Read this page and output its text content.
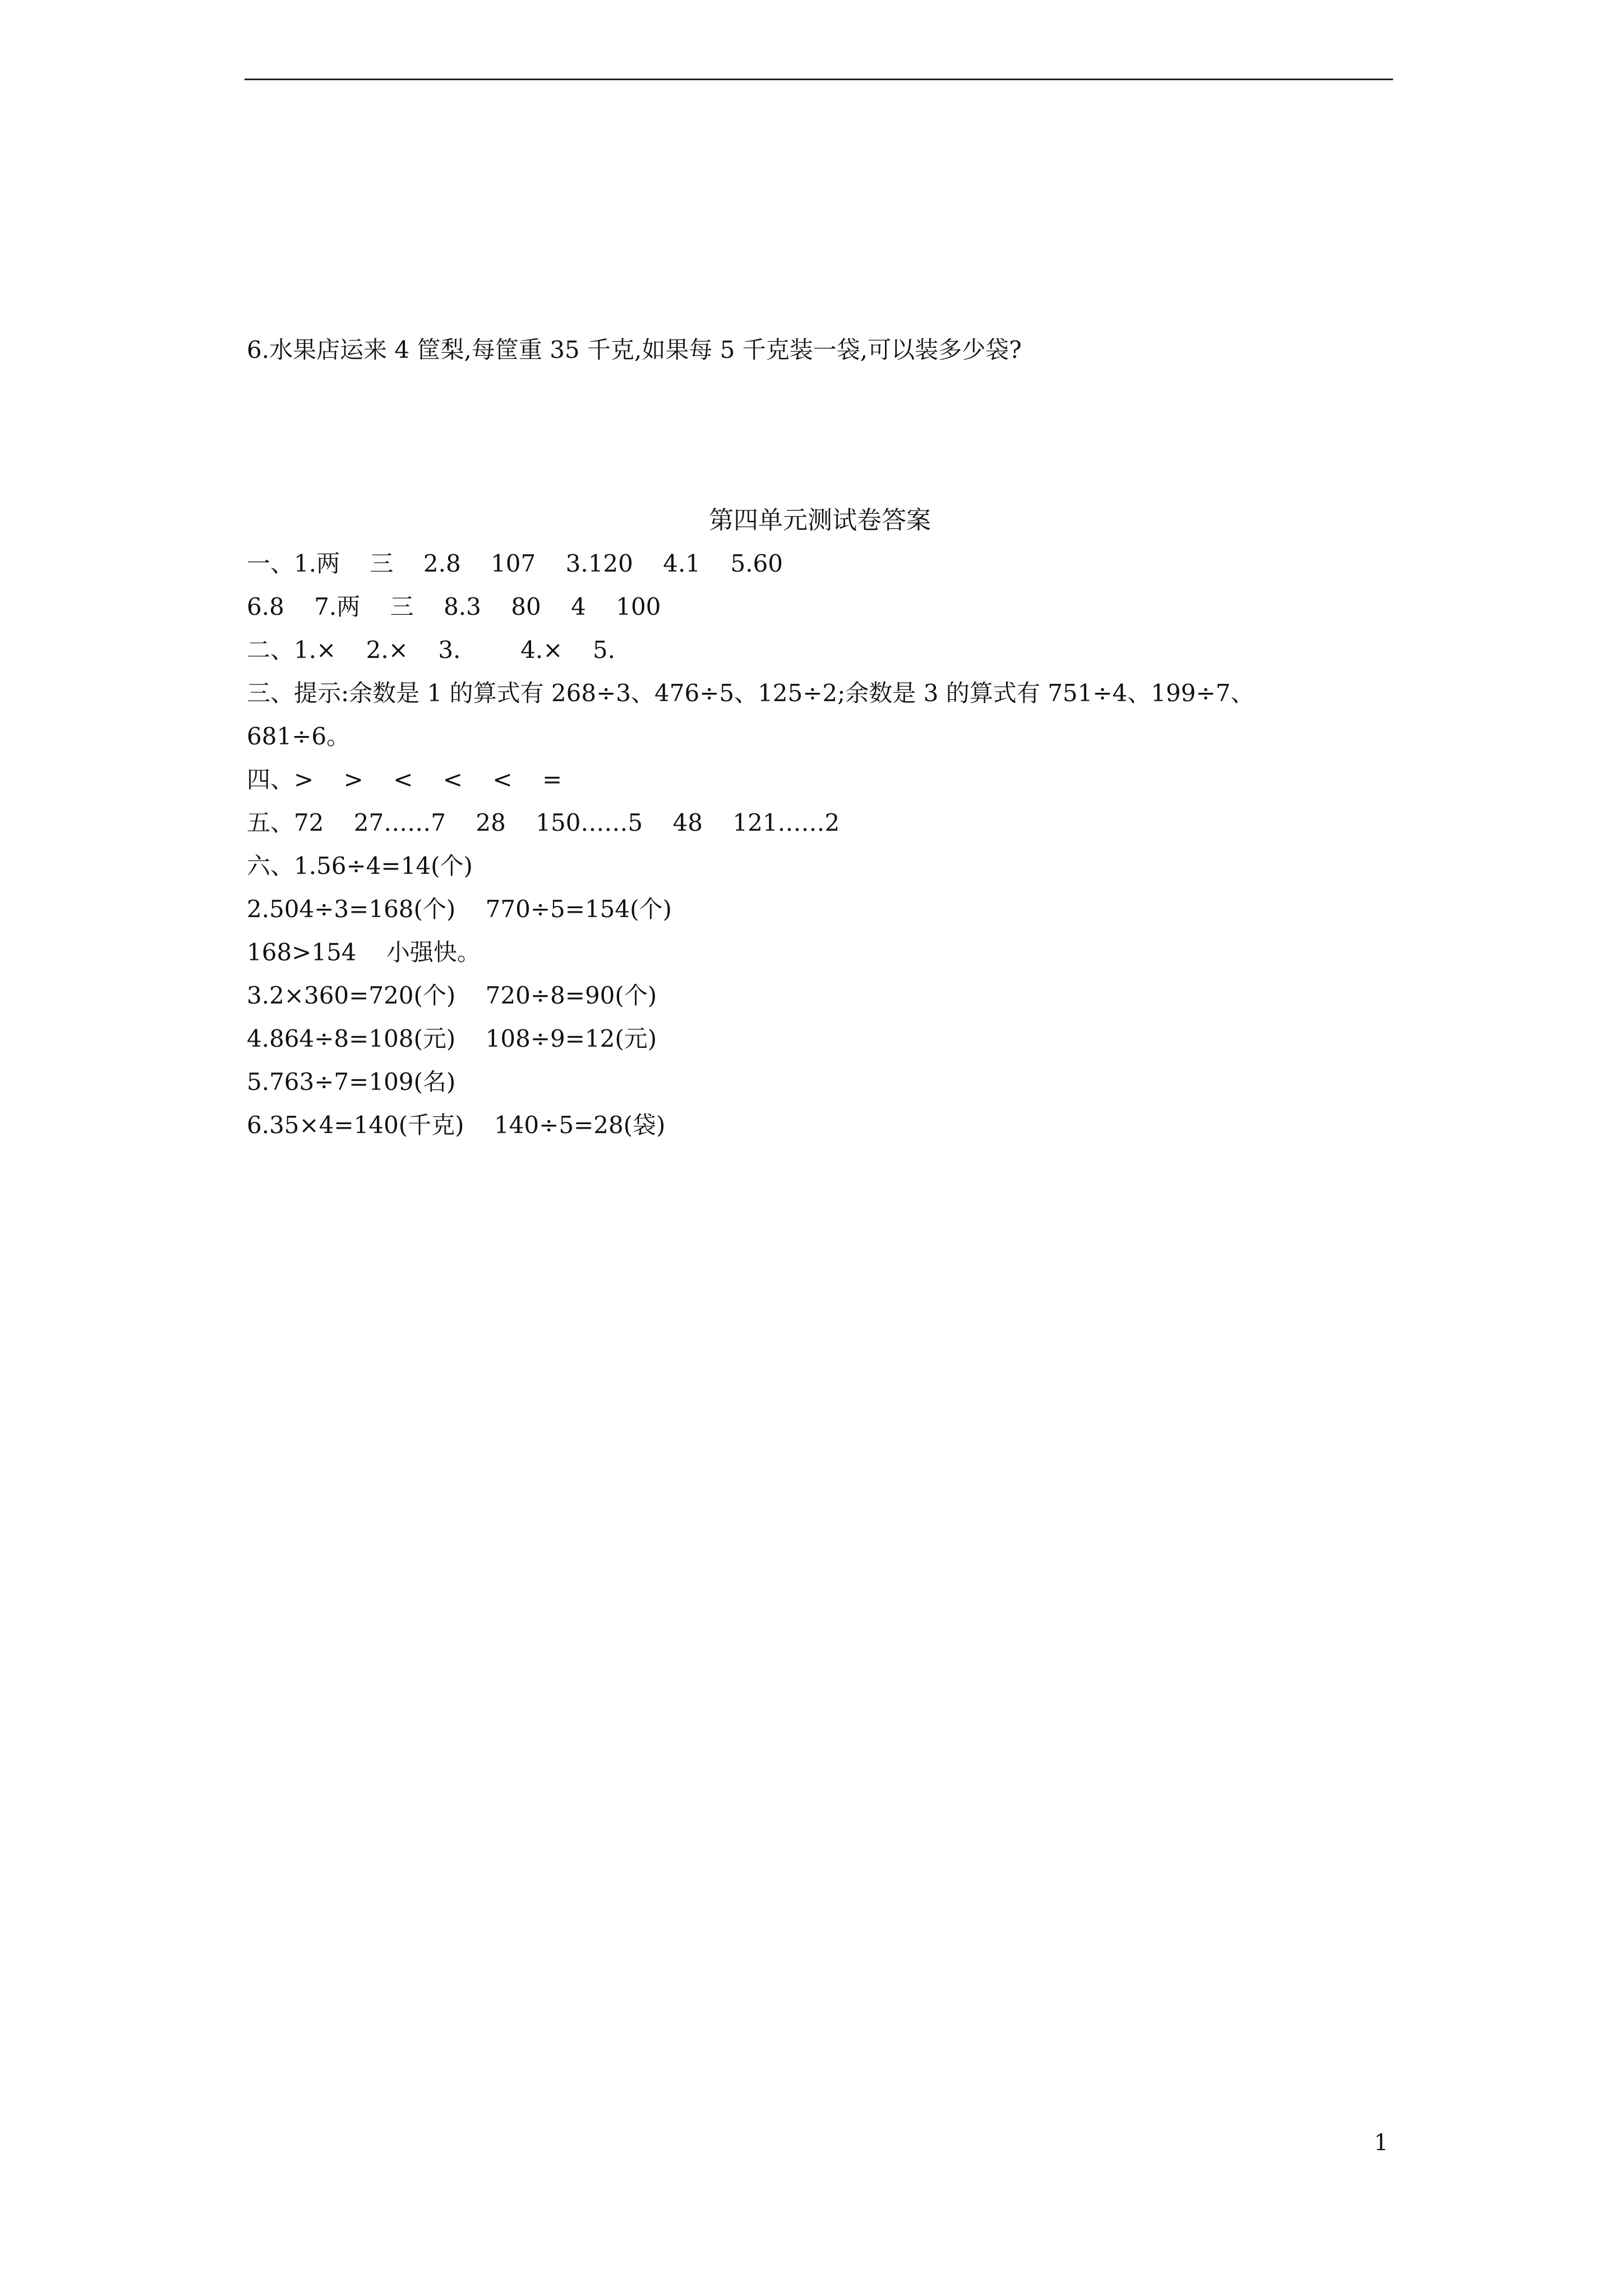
6.水果店运来 4 筐梨,每筐重 35 千克,如果每 5 千克装一袋,可以装多少袋?

第四单元测试卷答案

一、1.两    三    2.8    107    3.120    4.1    5.60

6.8    7.两    三    8.3    80    4    100

二、1.×    2.×    3.        4.×    5.

三、提示:余数是 1 的算式有 268÷3、476÷5、125÷2;余数是 3 的算式有 751÷4、199÷7、

681÷6。

四、>    >    <    <    <    =

五、72    27……7    28    150……5    48    121……2

六、1.56÷4=14(个)

2.504÷3=168(个)    770÷5=154(个)

168>154    小强快。

3.2×360=720(个)    720÷8=90(个)

4.864÷8=108(元)    108÷9=12(元)

5.763÷7=109(名)

6.35×4=140(千克)    140÷5=28(袋)

1
